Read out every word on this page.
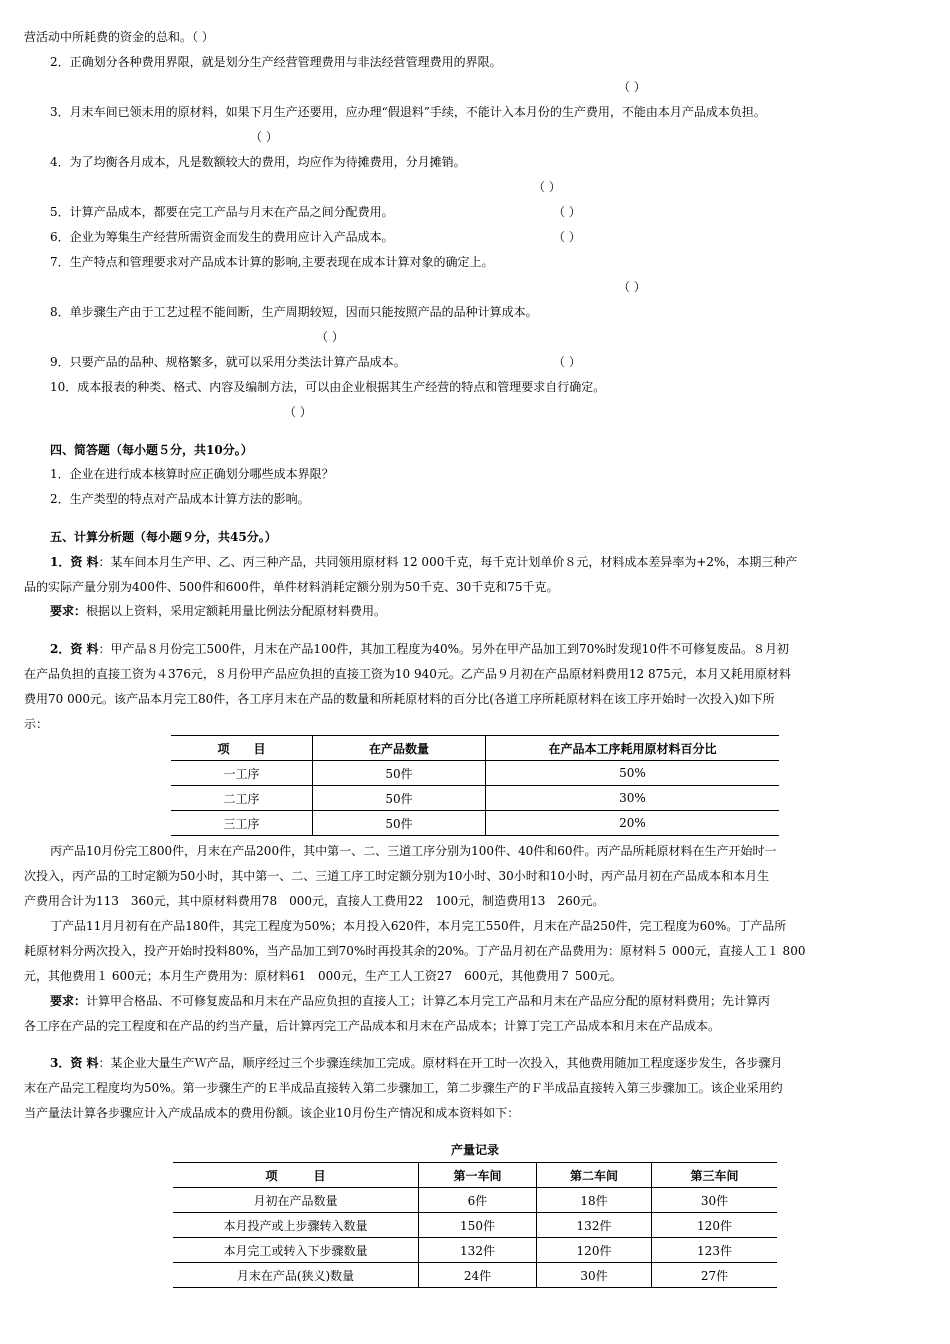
营活动中所耗费的资金的总和。（ ）
2．正确划分各种费用界限，就是划分生产经营管理费用与非法经营管理费用的界限。
（ ）
3．月末车间已领未用的原材料，如果下月生产还要用，应办理“假退料”手续，不能计入本月份的生产费用，不能由本月产品成本负担。
（ ）
4．为了均衡各月成本，凡是数额较大的费用，均应作为待摊费用，分月摊销。
（ ）
5．计算产品成本，都要在完工产品与月末在产品之间分配费用。	（ ）
6．企业为筹集生产经营所需资金而发生的费用应计入产品成本。	（ ）
7．生产特点和管理要求对产品成本计算的影响,主要表现在成本计算对象的确定上。
（ ）
8．单步骤生产由于工艺过程不能间断，生产周期较短，因而只能按照产品的品种计算成本。
（ ）
9．只要产品的品种、规格繁多，就可以采用分类法计算产品成本。	（ ）
10．成本报表的种类、格式、内容及编制方法，可以由企业根据其生产经营的特点和管理要求自行确定。
（ ）
四、简答题（每小题５分，共10分。）
1．企业在进行成本核算时应正确划分哪些成本界限？
2．生产类型的特点对产品成本计算方法的影响。
五、计算分析题（每小题９分，共45分。）
1．资 料：某车间本月生产甲、乙、丙三种产品，共同领用原材料 12 000千克，每千克计划单价８元，材料成本差异率为+2%，本期三种产
品的实际产量分别为400件、500件和600件，单件材料消耗定额分别为50千克、30千克和75千克。
要求：根据以上资料，采用定额耗用量比例法分配原材料费用。
2．资 料：甲产品８月份完工500件，月末在产品100件，其加工程度为40%。另外在甲产品加工到70%时发现10件不可修复废品。８月初
在产品负担的直接工资为４376元，８月份甲产品应负担的直接工资为10 940元。乙产品９月初在产品原材料费用12 875元，本月又耗用原材料
费用70 000元。该产品本月完工80件，各工序月末在产品的数量和所耗原材料的百分比(各道工序所耗原材料在该工序开始时一次投入)如下所
示：
项　　目	在产品数量	在产品本工序耗用原材料百分比
一工序	50件	50%
二工序	50件	30%
三工序	50件	20%
丙产品10月份完工800件，月末在产品200件，其中第一、二、三道工序分别为100件、40件和60件。丙产品所耗原材料在生产开始时一
次投入，丙产品的工时定额为50小时，其中第一、二、三道工序工时定额分别为10小时、30小时和10小时，丙产品月初在产品成本和本月生
产费用合计为113　360元，其中原材料费用78　000元，直接人工费用22　100元，制造费用13　260元。
丁产品11月月初有在产品180件，其完工程度为50%；本月投入620件，本月完工550件，月末在产品250件，完工程度为60%。丁产品所
耗原材料分两次投入，投产开始时投料80%，当产品加工到70%时再投其余的20%。丁产品月初在产品费用为：原材料５ 000元，直接人工１ 800
元，其他费用１ 600元；本月生产费用为：原材料61　000元，生产工人工资27　600元，其他费用７ 500元。
要求：计算甲合格品、不可修复废品和月末在产品应负担的直接人工；计算乙本月完工产品和月末在产品应分配的原材料费用；先计算丙
各工序在产品的完工程度和在产品的约当产量，后计算丙完工产品成本和月末在产品成本；计算丁完工产品成本和月末在产品成本。
3．资 料：某企业大量生产Ｗ产品，顺序经过三个步骤连续加工完成。原材料在开工时一次投入，其他费用随加工程度逐步发生，各步骤月
末在产品完工程度均为50%。第一步骤生产的Ｅ半成品直接转入第二步骤加工，第二步骤生产的Ｆ半成品直接转入第三步骤加工。该企业采用约
当产量法计算各步骤应计入产成品成本的费用份额。该企业10月份生产情况和成本资料如下：
产量记录
项　　　目	第一车间	第二车间	第三车间
月初在产品数量	6件	18件	30件
本月投产或上步骤转入数量	150件	132件	120件
本月完工或转入下步骤数量	132件	120件	123件
月末在产品(狭义)数量	24件	30件	27件
